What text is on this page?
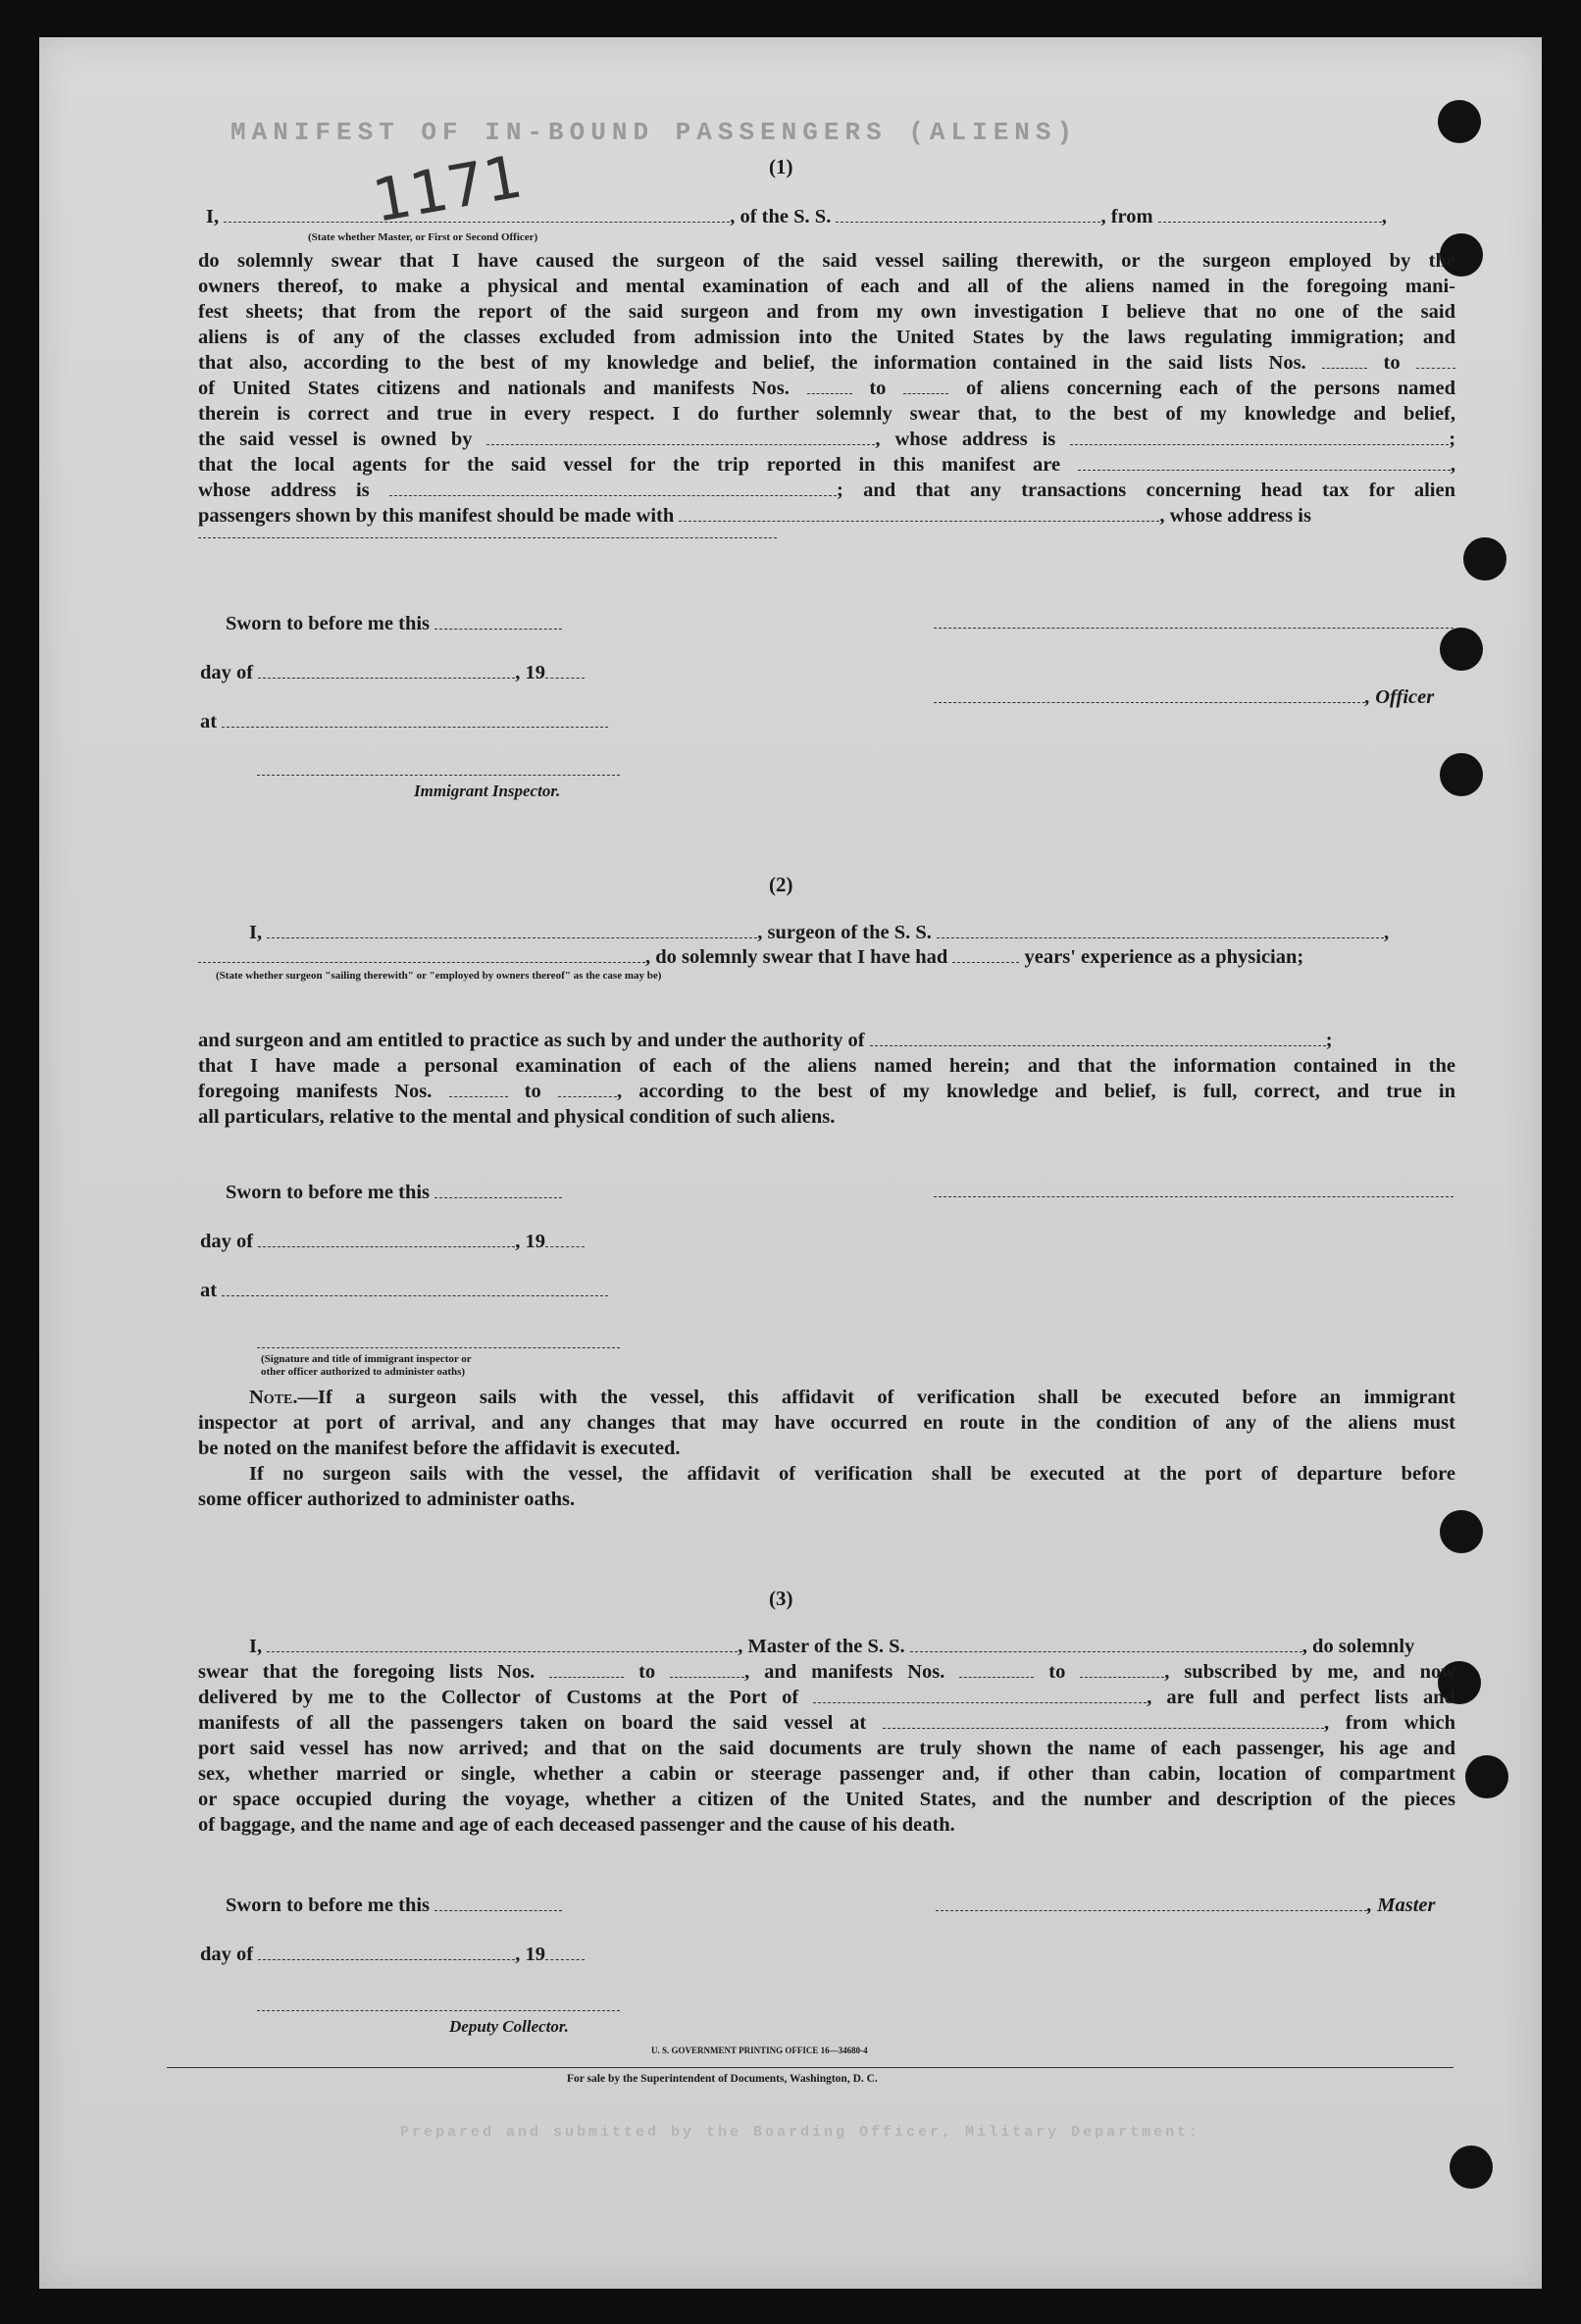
MANIFEST OF IN-BOUND PASSENGERS (ALIENS)
1171	(1)
I,	, of the S. S.	, from	,
(State whether Master, or First or Second Officer)

do solemnly swear that I have caused the surgeon of the said vessel sailing therewith, or the surgeon employed by the

owners thereof, to make a physical and mental examination of each and all of the aliens named in the foregoing mani-

fest sheets; that from the report of the said surgeon and from my own investigation I believe that no one of the said

aliens is of any of the classes excluded from admission into the United States by the laws regulating immigration; and

that also, according to the best of my knowledge and belief, the information contained in the said lists Nos.	to

of United States citizens and nationals and manifests Nos.	to	of aliens concerning each of the persons named

therein is correct and true in every respect. I do further solemnly swear that, to the best of my knowledge and belief,

the said vessel is owned by	, whose address is	;

that the local agents for the said vessel for the trip reported in this manifest are	,

whose address is	; and that any transactions concerning head tax for alien

passengers shown by this manifest should be made with	, whose address is

Sworn to before me this
day of	, 19
, Officer
at
Immigrant Inspector.
(2)
I,	, surgeon of the S. S.	,
, do solemnly swear that I have had	years' experience as a physician;
(State whether surgeon "sailing therewith" or "employed by owners thereof" as the case may be)
and surgeon and am entitled to practice as such by and under the authority of	;

that I have made a personal examination of each of the aliens named herein; and that the information contained in the

foregoing manifests Nos.	to	, according to the best of my knowledge and belief, is full, correct, and true in

all particulars, relative to the mental and physical condition of such aliens.

Sworn to before me this
day of	, 19
at
(Signature and title of immigrant inspector or
other officer authorized to administer oaths)

Note.—If a surgeon sails with the vessel, this affidavit of verification shall be executed before an immigrant

inspector at port of arrival, and any changes that may have occurred en route in the condition of any of the aliens must

be noted on the manifest before the affidavit is executed.

If no surgeon sails with the vessel, the affidavit of verification shall be executed at the port of departure before

some officer authorized to administer oaths.

(3)
I,	, Master of the S. S.	, do solemnly

swear that the foregoing lists Nos.	to	, and manifests Nos.	to	, subscribed by me, and now

delivered by me to the Collector of Customs at the Port of	, are full and perfect lists and

manifests of all the passengers taken on board the said vessel at	, from which

port said vessel has now arrived; and that on the said documents are truly shown the name of each passenger, his age and

sex, whether married or single, whether a cabin or steerage passenger and, if other than cabin, location of compartment

or space occupied during the voyage, whether a citizen of the United States, and the number and description of the pieces

of baggage, and the name and age of each deceased passenger and the cause of his death.

Sworn to before me this	, Master
day of	, 19
Deputy Collector.
U. S. GOVERNMENT PRINTING OFFICE 16—34680-4
For sale by the Superintendent of Documents, Washington, D. C.
Prepared and submitted by the Boarding Officer, Military Department:
